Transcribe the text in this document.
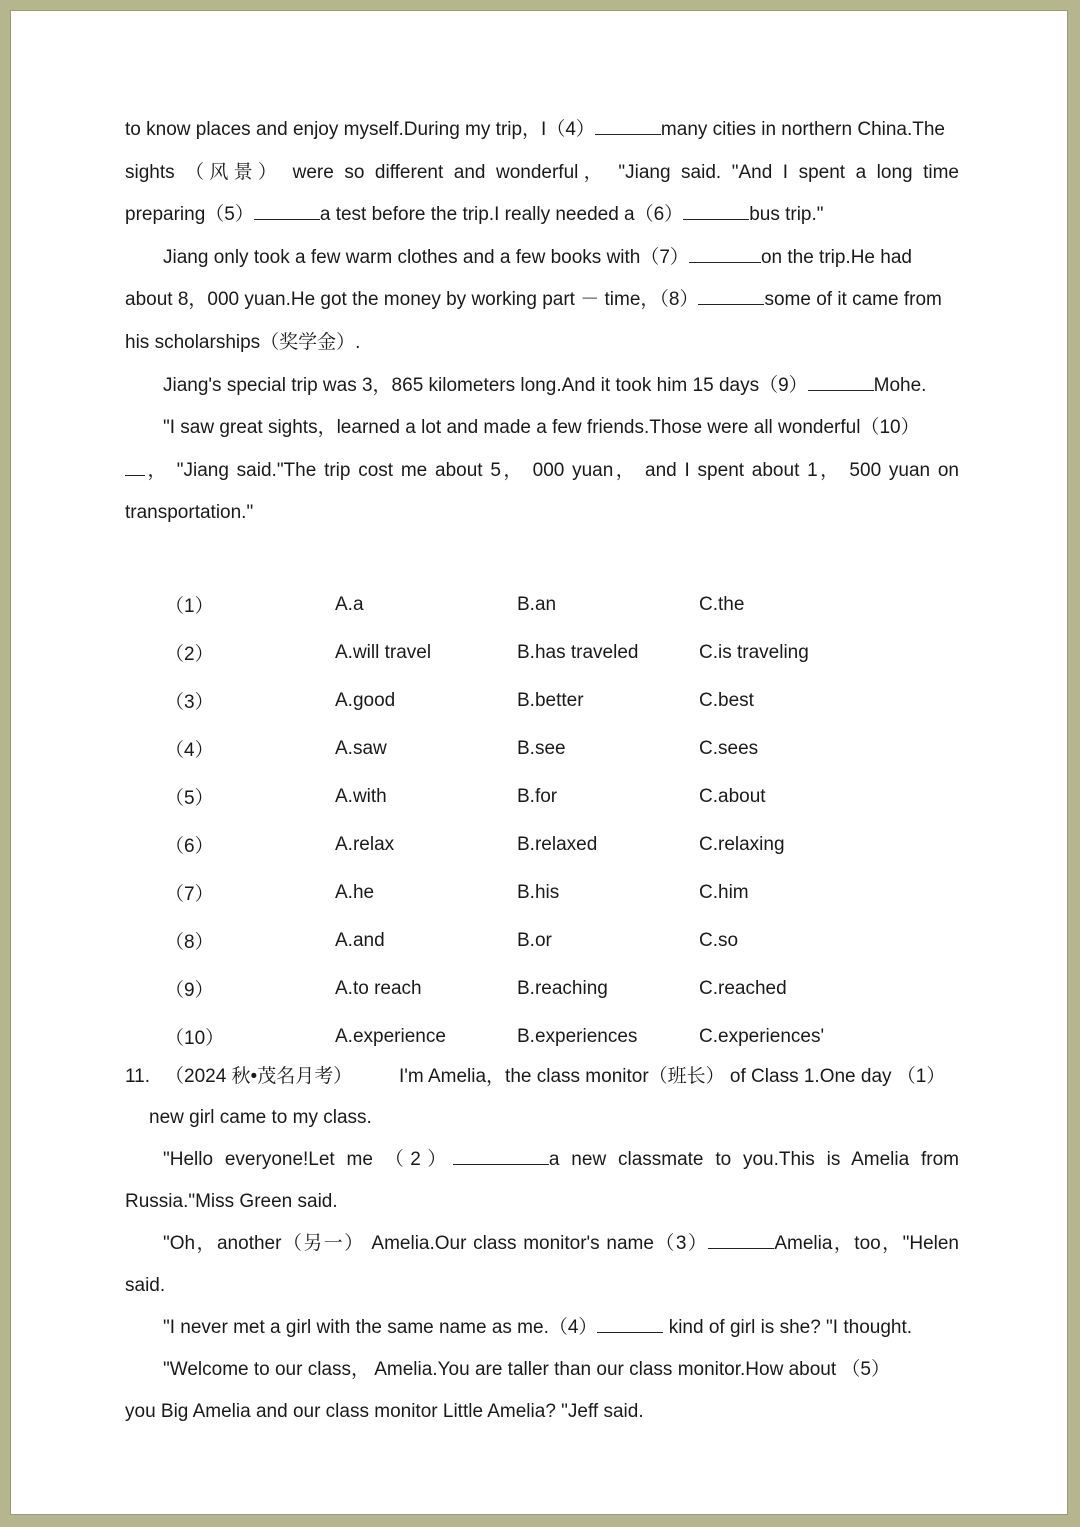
to know places and enjoy myself.During my trip，I（4）	many cities in northern China.The

sights （风景） were so different and wonderful， "Jiang said. "And I spent a long time

preparing（5）	a test before the trip.I really needed a（6）	bus trip."

Jiang only took a few warm clothes and a few books with（7）	on the trip.He had

about 8，000 yuan.He got the money by working part － time，（8）	some of it came from

his scholarships（奖学金）.

Jiang's special trip was 3，865 kilometers long.And it took him 15 days（9）	Mohe.

"I saw great sights，learned a lot and made a few friends.Those were all wonderful（10）

， "Jiang said."The trip cost me about 5， 000 yuan， and I spent about 1， 500 yuan on

transportation."

（1）	A.a	B.an	C.the
（2）	A.will travel	B.has traveled	C.is traveling
（3）	A.good	B.better	C.best
（4）	A.saw	B.see	C.sees
（5）	A.with	B.for	C.about
（6）	A.relax	B.relaxed	C.relaxing
（7）	A.he	B.his	C.him
（8）	A.and	B.or	C.so
（9）	A.to reach	B.reaching	C.reached
（10）	A.experience	B.experiences	C.experiences'
11. （2024 秋•茂名月考）	I'm Amelia，the class monitor（班长） of Class 1.One day （1）

new girl came to my class.

"Hello everyone!Let me （2）	a new classmate to you.This is Amelia from

Russia."Miss Green said.

"Oh，another（另一） Amelia.Our class monitor's name（3）	Amelia，too，"Helen

said.

"I never met a girl with the same name as me.（4）	kind of girl is she? "I thought.

"Welcome to our class， Amelia.You are taller than our class monitor.How about （5）

you Big Amelia and our class monitor Little Amelia? "Jeff said.
